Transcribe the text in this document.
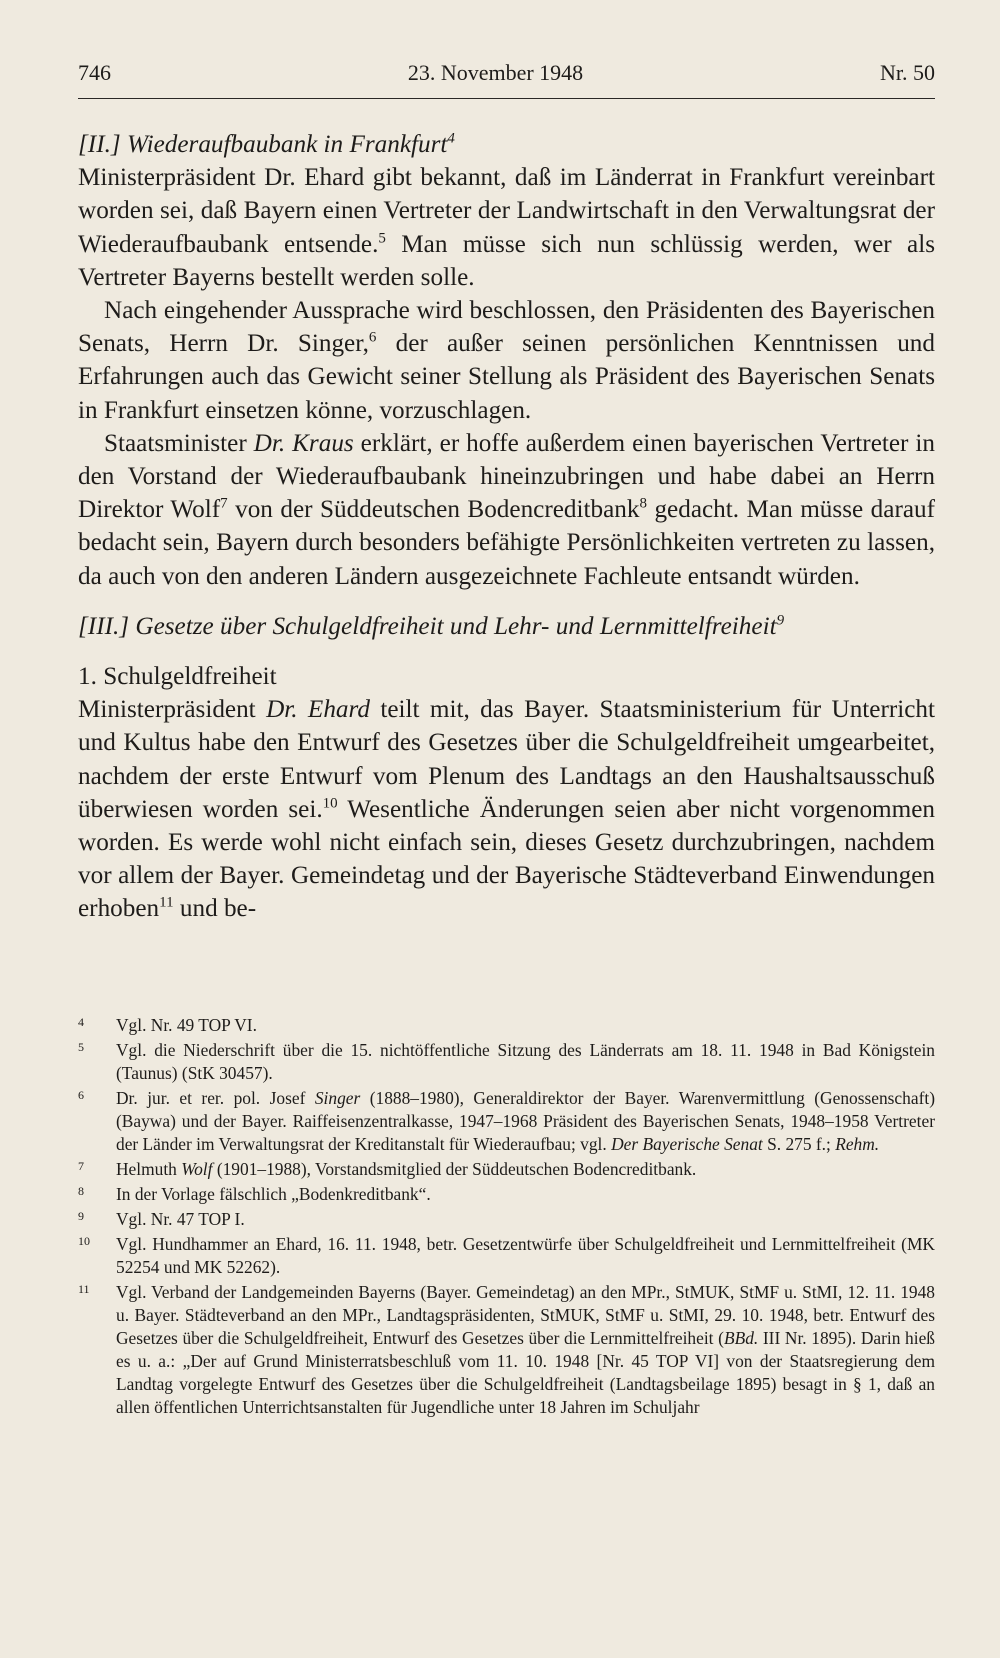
746	23. November 1948	Nr. 50

[II.] Wiederaufbaubank in Frankfurt$^4$

Ministerpräsident Dr. Ehard gibt bekannt, daß im Länderrat in Frankfurt vereinbart worden sei, daß Bayern einen Vertreter der Landwirtschaft in den Verwaltungsrat der Wiederaufbaubank entsende.$^5$ Man müsse sich nun schlüssig werden, wer als Vertreter Bayerns bestellt werden solle.

Nach eingehender Aussprache wird beschlossen, den Präsidenten des Bayerischen Senats, Herrn Dr. Singer,$^6$ der außer seinen persönlichen Kenntnissen und Erfahrungen auch das Gewicht seiner Stellung als Präsident des Bayerischen Senats in Frankfurt einsetzen könne, vorzuschlagen.

Staatsminister Dr. Kraus erklärt, er hoffe außerdem einen bayerischen Vertreter in den Vorstand der Wiederaufbaubank hineinzubringen und habe dabei an Herrn Direktor Wolf$^7$ von der Süddeutschen Bodencreditbank$^8$ gedacht. Man müsse darauf bedacht sein, Bayern durch besonders befähigte Persönlichkeiten vertreten zu lassen, da auch von den anderen Ländern ausgezeichnete Fachleute entsandt würden.

[III.] Gesetze über Schulgeldfreiheit und Lehr- und Lernmittelfreiheit$^9$

1. Schulgeldfreiheit

Ministerpräsident Dr. Ehard teilt mit, das Bayer. Staatsministerium für Unterricht und Kultus habe den Entwurf des Gesetzes über die Schulgeldfreiheit umgearbeitet, nachdem der erste Entwurf vom Plenum des Landtags an den Haushaltsausschuß überwiesen worden sei.$^{10}$ Wesentliche Änderungen seien aber nicht vorgenommen worden. Es werde wohl nicht einfach sein, dieses Gesetz durchzubringen, nachdem vor allem der Bayer. Gemeindetag und der Bayerische Städteverband Einwendungen erhoben$^{11}$ und be-

4	Vgl. Nr. 49 TOP VI.
5	Vgl. die Niederschrift über die 15. nichtöffentliche Sitzung des Länderrats am 18. 11. 1948 in Bad Königstein (Taunus) (StK 30457).
6	Dr. jur. et rer. pol. Josef Singer (1888–1980), Generaldirektor der Bayer. Warenvermittlung (Genossenschaft) (Baywa) und der Bayer. Raiffeisenzentralkasse, 1947–1968 Präsident des Bayerischen Senats, 1948–1958 Vertreter der Länder im Verwaltungsrat der Kreditanstalt für Wiederaufbau; vgl. Der Bayerische Senat S. 275 f.; Rehm.
7	Helmuth Wolf (1901–1988), Vorstandsmitglied der Süddeutschen Bodencreditbank.
8	In der Vorlage fälschlich „Bodenkreditbank“.
9	Vgl. Nr. 47 TOP I.
10	Vgl. Hundhammer an Ehard, 16. 11. 1948, betr. Gesetzentwürfe über Schulgeldfreiheit und Lernmittelfreiheit (MK 52254 und MK 52262).
11	Vgl. Verband der Landgemeinden Bayerns (Bayer. Gemeindetag) an den MPr., StMUK, StMF u. StMI, 12. 11. 1948 u. Bayer. Städteverband an den MPr., Landtagspräsidenten, StMUK, StMF u. StMI, 29. 10. 1948, betr. Entwurf des Gesetzes über die Schulgeldfreiheit, Entwurf des Gesetzes über die Lernmittelfreiheit (BBd. III Nr. 1895). Darin hieß es u. a.: „Der auf Grund Ministerratsbeschluß vom 11. 10. 1948 [Nr. 45 TOP VI] von der Staatsregierung dem Landtag vorgelegte Entwurf des Gesetzes über die Schulgeldfreiheit (Landtagsbeilage 1895) besagt in § 1, daß an allen öffentlichen Unterrichtsanstalten für Jugendliche unter 18 Jahren im Schuljahr
